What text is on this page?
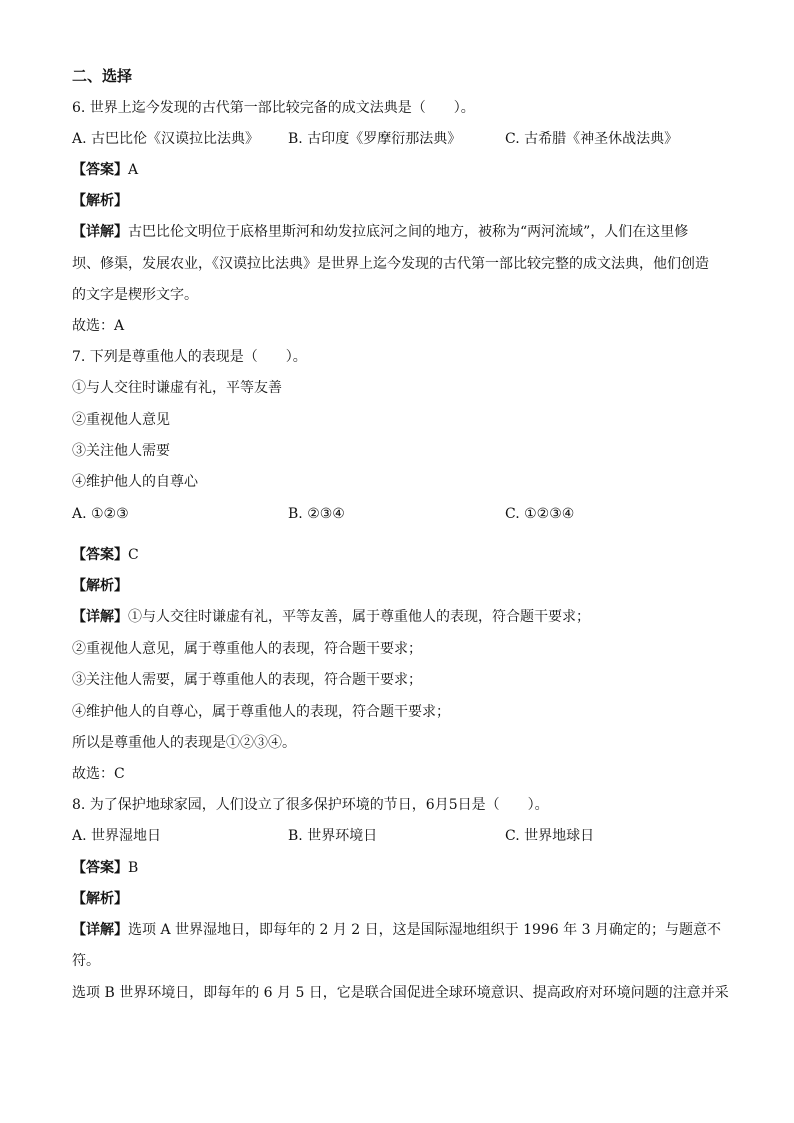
二、选择
6. 世界上迄今发现的古代第一部比较完备的成文法典是（　　）。
A. 古巴比伦《汉谟拉比法典》 B. 古印度《罗摩衍那法典》	C. 古希腊《神圣休战法典》
【答案】A
【解析】
【详解】古巴比伦文明位于底格里斯河和幼发拉底河之间的地方，被称为“两河流域”，人们在这里修
坝、修渠，发展农业，《汉谟拉比法典》是世界上迄今发现的古代第一部比较完整的成文法典，他们创造
的文字是楔形文字。
故选：A
7. 下列是尊重他人的表现是（　　）。
①与人交往时谦虚有礼，平等友善
②重视他人意见
③关注他人需要
④维护他人的自尊心
A. ①②③	B. ②③④	C. ①②③④
【答案】C
【解析】
【详解】①与人交往时谦虚有礼，平等友善，属于尊重他人的表现，符合题干要求；
②重视他人意见，属于尊重他人的表现，符合题干要求；
③关注他人需要，属于尊重他人的表现，符合题干要求；
④维护他人的自尊心，属于尊重他人的表现，符合题干要求；
所以是尊重他人的表现是①②③④。
故选：C
8. 为了保护地球家园，人们设立了很多保护环境的节日，6月5日是（　　）。
A. 世界湿地日	B. 世界环境日	C. 世界地球日
【答案】B
【解析】
【详解】选项 A 世界湿地日，即每年的 2 月 2 日，这是国际湿地组织于 1996 年 3 月确定的；与题意不
符。
选项 B 世界环境日，即每年的 6 月 5 日，它是联合国促进全球环境意识、提高政府对环境问题的注意并采
